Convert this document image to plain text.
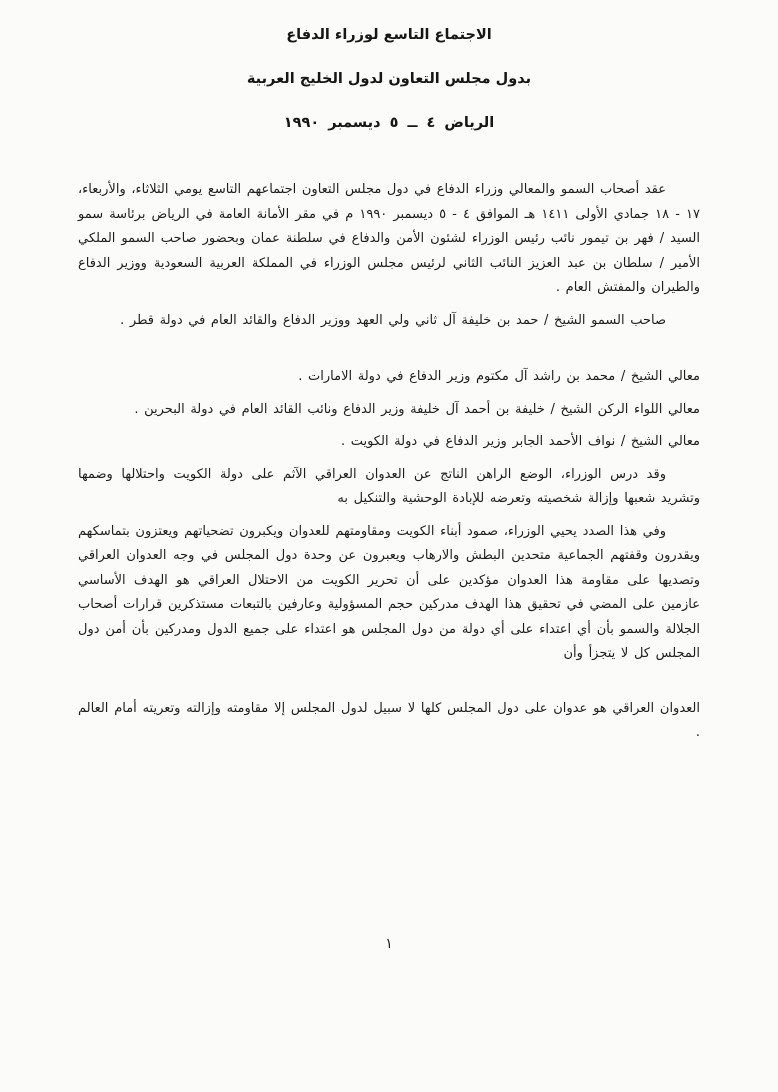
الاجتماع التاسع لوزراء الدفاع
بدول مجلس التعاون لدول الخليج العربية
الرياض ٤ ــ ٥ ديسمبر ١٩٩٠

عقد أصحاب السمو والمعالي وزراء الدفاع في دول مجلس التعاون اجتماعهم التاسع يومي الثلاثاء، والأربعاء، ١٧ - ١٨ جمادي الأولى ١٤١١ هـ الموافق ٤ - ٥ ديسمبر ١٩٩٠ م في مقر الأمانة العامة في الرياض برئاسة سمو السيد / فهر بن تيمور نائب رئيس الوزراء لشئون الأمن والدفاع في سلطنة عمان وبحضور صاحب السمو الملكي الأمير / سلطان بن عبد العزيز النائب الثاني لرئيس مجلس الوزراء في المملكة العربية السعودية ووزير الدفاع والطيران والمفتش العام .

صاحب السمو الشيخ / حمد بن خليفة آل ثاني ولي العهد ووزير الدفاع والقائد العام في دولة قطر .

معالي الشيخ / محمد بن راشد آل مكتوم وزير الدفاع في دولة الامارات .

معالي اللواء الركن الشيخ / خليفة بن أحمد آل خليفة وزير الدفاع ونائب القائد العام في دولة البحرين .

معالي الشيخ / نواف الأحمد الجابر وزير الدفاع في دولة الكويت .

وقد درس الوزراء، الوضع الراهن الناتج عن العدوان العراقي الآثم على دولة الكويت واحتلالها وضمها وتشريد شعبها وإزالة شخصيته وتعرضه للإبادة الوحشية والتنكيل به

وفي هذا الصدد يحيي الوزراء، صمود أبناء الكويت ومقاومتهم للعدوان ويكبرون تضحياتهم ويعتزون بتماسكهم ويقدرون وقفتهم الجماعية متحدين البطش والارهاب ويعبرون عن وحدة دول المجلس في وجه العدوان العراقي وتصديها على مقاومة هذا العدوان مؤكدين على أن تحرير الكويت من الاحتلال العراقي هو الهدف الأساسي عازمين على المضي في تحقيق هذا الهدف مدركين حجم المسؤولية وعارفين بالتبعات مستذكرين قرارات أصحاب الجلالة والسمو بأن أي اعتداء على أي دولة من دول المجلس هو اعتداء على جميع الدول ومدركين بأن أمن دول المجلس كل لا يتجزأ وأن

العدوان العراقي هو عدوان على دول المجلس كلها لا سبيل لدول المجلس إلا مقاومته وإزالته وتعريته أمام العالم .

١
